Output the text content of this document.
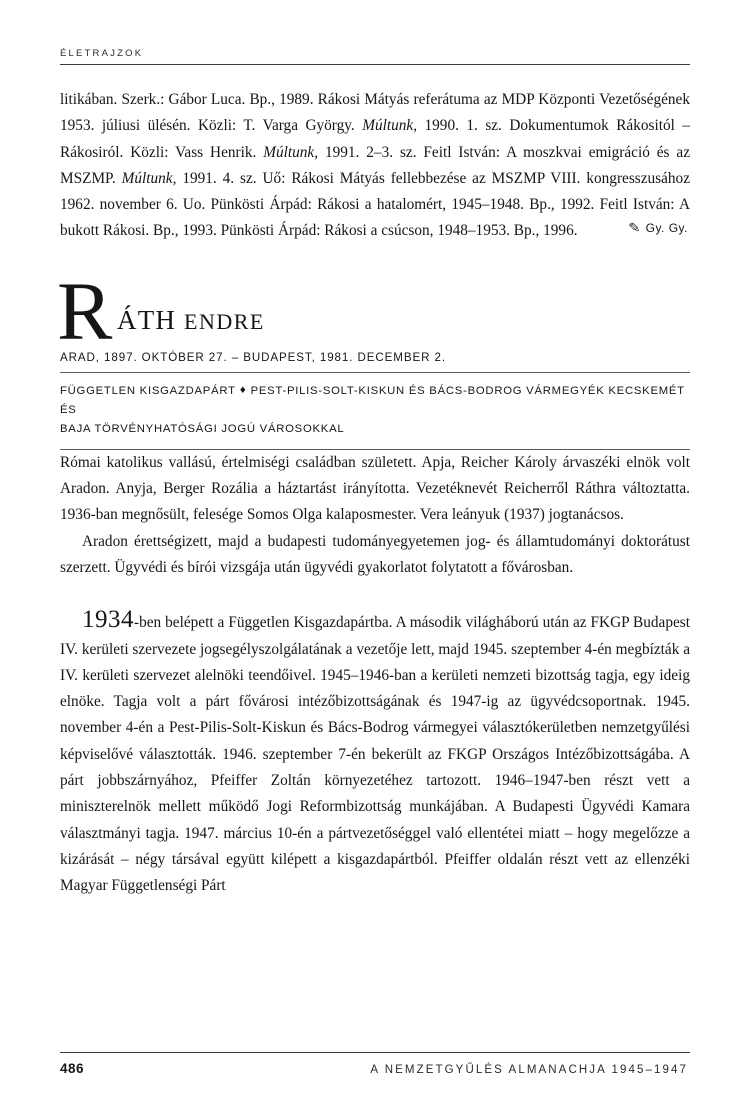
ÉLETRAJZOK

litikában. Szerk.: Gábor Luca. Bp., 1989. Rákosi Mátyás referátuma az MDP Központi Vezetőségének 1953. júliusi ülésén. Közli: T. Varga György. Múltunk, 1990. 1. sz. Dokumentumok Rákositól – Rákosiról. Közli: Vass Henrik. Múltunk, 1991. 2–3. sz. Feitl István: A moszkvai emigráció és az MSZMP. Múltunk, 1991. 4. sz. Uő: Rákosi Mátyás fellebbezése az MSZMP VIII. kongresszusához 1962. november 6. Uo. Pünkösti Árpád: Rákosi a hatalomért, 1945–1948. Bp., 1992. Feitl István: A bukott Rákosi. Bp., 1993. Pünkösti Árpád: Rákosi a csúcson, 1948–1953. Bp., 1996.	✎ Gy. Gy.
R ÁTH ENDRE
ARAD, 1897. OKTÓBER 27. – BUDAPEST, 1981. DECEMBER 2.
FÜGGETLEN KISGAZDAPÁRT ♦ PEST-PILIS-SOLT-KISKUN ÉS BÁCS-BODROG VÁRMEGYÉK KECSKEMÉT ÉS
BAJA TÖRVÉNYHATÓSÁGI JOGÚ VÁROSOKKAL

Római katolikus vallású, értelmiségi családban született. Apja, Reicher Károly árvaszéki elnök volt Aradon. Anyja, Berger Rozália a háztartást irányította. Vezetéknevét Reicherről Ráthra változtatta. 1936-ban megnősült, felesége Somos Olga kalaposmester. Vera leányuk (1937) jogtanácsos.

Aradon érettségizett, majd a budapesti tudományegyetemen jog- és államtudományi doktorátust szerzett. Ügyvédi és bírói vizsgája után ügyvédi gyakorlatot folytatott a fővárosban.

1934-ben belépett a Független Kisgazdapártba. A második világháború után az FKGP Budapest IV. kerületi szervezete jogsegélyszolgálatának a vezetője lett, majd 1945. szeptember 4-én megbízták a IV. kerületi szervezet alelnöki teendőivel. 1945–1946-ban a kerületi nemzeti bizottság tagja, egy ideig elnöke. Tagja volt a párt fővárosi intézőbizottságának és 1947-ig az ügyvédcsoportnak. 1945. november 4-én a Pest-Pilis-Solt-Kiskun és Bács-Bodrog vármegyei választókerületben nemzetgyűlési képviselővé választották. 1946. szeptember 7-én bekerült az FKGP Országos Intézőbizottságába. A párt jobbszárnyához, Pfeiffer Zoltán környezetéhez tartozott. 1946–1947-ben részt vett a miniszterelnök mellett működő Jogi Reformbizottság munkájában. A Budapesti Ügyvédi Kamara választmányi tagja. 1947. március 10-én a pártvezetőséggel való ellentétei miatt – hogy megelőzze a kizárását – négy társával együtt kilépett a kisgazdapártból. Pfeiffer oldalán részt vett az ellenzéki Magyar Függetlenségi Párt

486	A NEMZETGYŰLÉS ALMANACHJA 1945–1947
